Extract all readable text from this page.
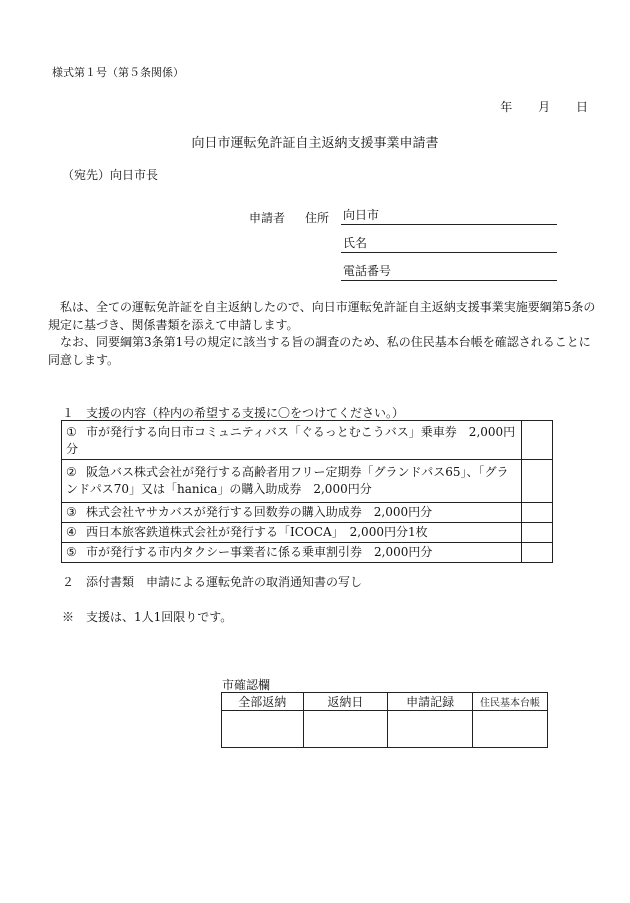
様式第１号（第５条関係）
年 月 日
向日市運転免許証自主返納支援事業申請書
（宛先）向日市長
申請者 住所 向日市
氏名
電話番号

私は、全ての運転免許証を自主返納したので、向日市運転免許証自主返納支援事業実施要綱第5条の規定に基づき、関係書類を添えて申請します。

なお、同要綱第3条第1号の規定に該当する旨の調査のため、私の住民基本台帳を確認されることに同意します。

１　支援の内容（枠内の希望する支援に〇をつけてください。）
① 市が発行する向日市コミュニティバス「ぐるっとむこうバス」乗車券　2,000円分	
② 阪急バス株式会社が発行する高齢者用フリー定期券「グランドパス65」、「グランドパス70」又は「hanica」の購入助成券　2,000円分	
③ 株式会社ヤサカバスが発行する回数券の購入助成券　2,000円分	
④ 西日本旅客鉄道株式会社が発行する「ICOCA」　2,000円分1枚	
⑤ 市が発行する市内タクシー事業者に係る乗車割引券　2,000円分	
２　添付書類　申請による運転免許の取消通知書の写し
※　支援は、1人1回限りです。
市確認欄
全部返納	返納日	申請記録	住民基本台帳
